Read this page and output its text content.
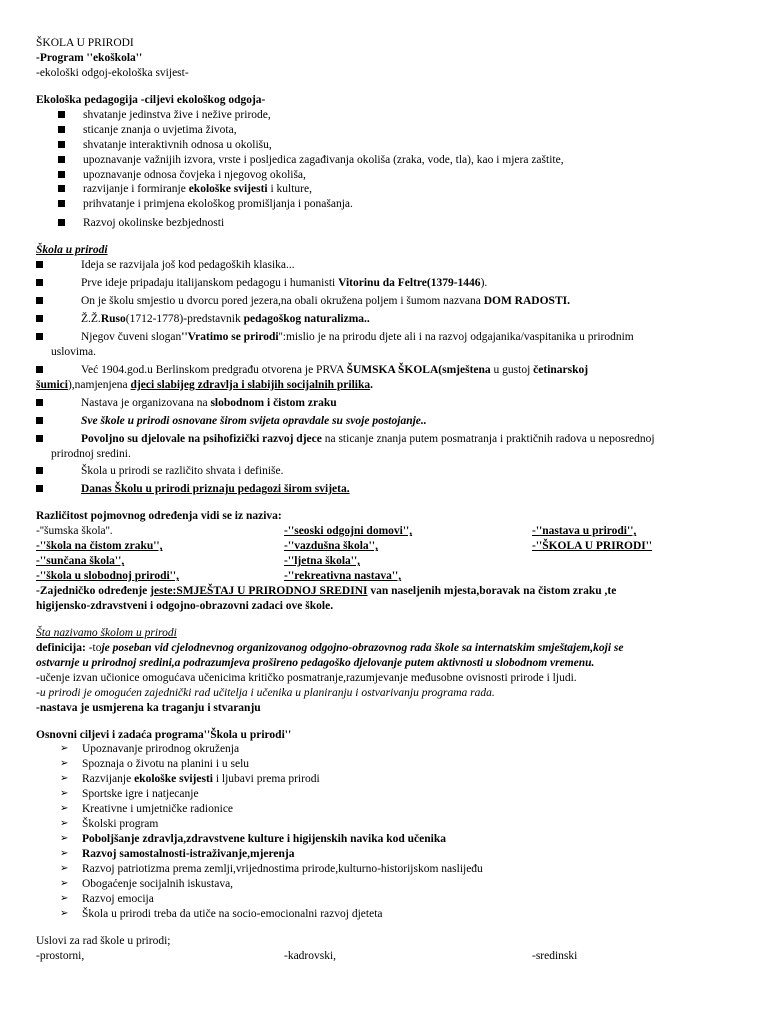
ŠKOLA U PRIRODI
-Program ''ekoškola''
-ekološki odgoj-ekološka svijest-
Ekološka pedagogija -ciljevi ekološkog odgoja-
shvatanje jedinstva žive i nežive prirode,
sticanje znanja o uvjetima života,
shvatanje interaktivnih odnosa u okolišu,
upoznavanje važnijih izvora, vrste i posljedica zagađivanja okoliša (zraka, vode, tla), kao i mjera zaštite,
upoznavanje odnosa čovjeka i njegovog okoliša,
razvijanje i formiranje ekološke svijesti i kulture,
prihvatanje i primjena ekološkog promišljanja i ponašanja.
Razvoj okolinske bezbjednosti
Škola u prirodi
Ideja se razvijala još kod pedagoških klasika...
Prve ideje pripadaju italijanskom pedagogu i humanisti Vitorinu da Feltre(1379-1446).
On je školu smjestio u dvorcu pored jezera,na obali okružena poljem i šumom nazvana DOM RADOSTI.
Ž.Ž.Ruso(1712-1778)-predstavnik pedagoškog naturalizma..
Njegov čuveni slogan''Vratimo se prirodi'':mislio je na prirodu djete ali i na razvoj odgajanika/vaspitanika u prirodnim
uslovima.
Već 1904.god.u Berlinskom predgrađu otvorena je PRVA ŠUMSKA ŠKOLA(smještena u gustoj četinarskoj
šumici),namjenjena djeci slabijeg zdravlja i slabijih socijalnih prilika.
Nastava je organizovana na slobodnom i čistom zraku
Sve škole u prirodi osnovane širom svijeta opravdale su svoje postojanje..
Povoljno su djelovale na psihofizički razvoj djece na sticanje znanja putem posmatranja i praktičnih radova u neposrednoj
prirodnoj sredini.
Škola u prirodi se različito shvata i definiše.
Danas Školu u prirodi priznaju pedagozi širom svijeta.
Različitost pojmovnog određenja vidi se iz naziva:
-''šumska škola''.	-''seoski odgojni domovi'',	-''nastava u prirodi'',
-''škola na čistom zraku'',	-''vazdušna škola'',	-''ŠKOLA U PRIRODI''
-''sunčana škola'',	-''ljetna škola'',
-''škola u slobodnoj prirodi'',	-''rekreativna nastava'',
-Zajedničko određenje jeste:SMJEŠTAJ U PRIRODNOJ SREDINI van naseljenih mjesta,boravak na čistom zraku ,te
higijensko-zdravstveni i odgojno-obrazovni zadaci ove škole.
Šta nazivamo školom u prirodi
definicija: -toje poseban vid cjelodnevnog organizovanog odgojno-obrazovnog rada škole sa internatskim smještajem,koji se
ostvarnje u prirodnoj sredini,a podrazumjeva prošireno pedagoško djelovanje putem aktivnosti u slobodnom vremenu.
-učenje izvan učionice omogućava učenicima kritičko posmatranje,razumjevanje međusobne ovisnosti prirode i ljudi.
-u prirodi je omogućen zajednički rad učitelja i učenika u planiranju i ostvarivanju programa rada.
-nastava je usmjerena ka traganju i stvaranju
Osnovni ciljevi i zadaća programa''Škola u prirodi''
➢ Upoznavanje prirodnog okruženja
➢ Spoznaja o životu na planini i u selu
➢ Razvijanje ekološke svijesti i ljubavi prema prirodi
➢ Sportske igre i natjecanje
➢ Kreativne i umjetničke radionice
➢ Školski program
➢ Poboljšanje zdravlja,zdravstvene kulture i higijenskih navika kod učenika
➢ Razvoj samostalnosti-istraživanje,mjerenja
➢ Razvoj patriotizma prema zemlji,vrijednostima prirode,kulturno-historijskom naslijeđu
➢ Obogaćenje socijalnih iskustava,
➢ Razvoj emocija
➢ Škola u prirodi treba da utiče na socio-emocionalni razvoj djeteta
Uslovi za rad škole u prirodi;
-prostorni,	-kadrovski,	-sredinski
